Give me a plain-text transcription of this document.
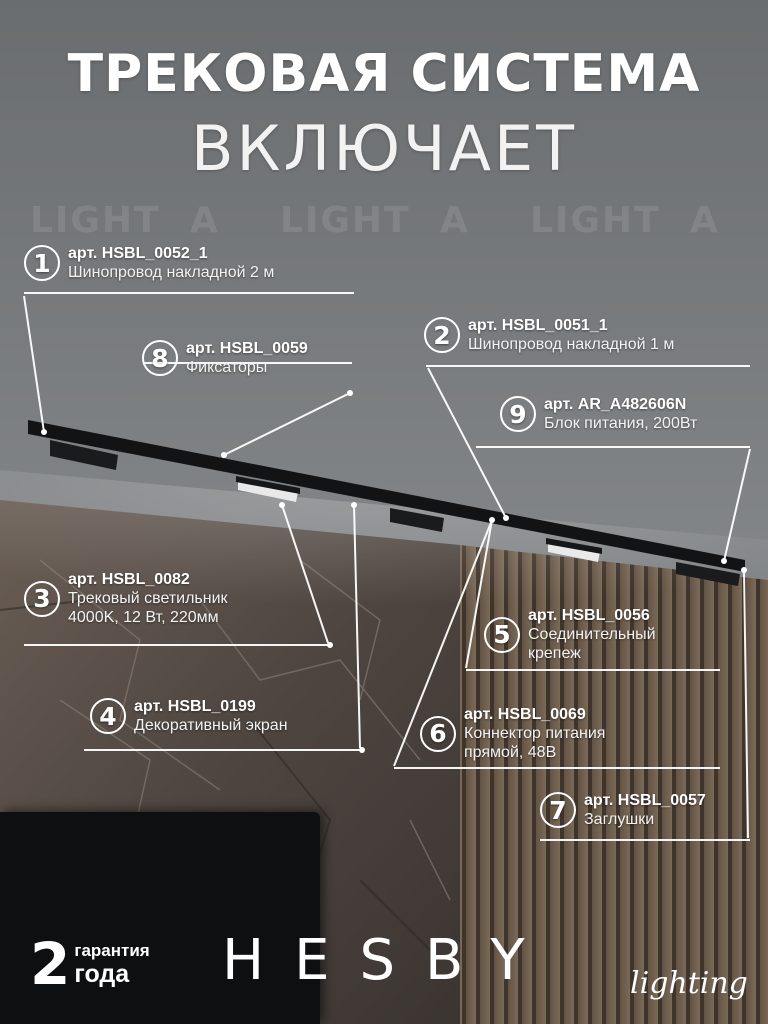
LIGHT A LIGHT A LIGHT A
ТРЕКОВАЯ СИСТЕМА
ВКЛЮЧАЕТ
1	арт. HSBL_0052_1
Шинопровод накладной 2 м
2	арт. HSBL_0051_1
Шинопровод накладной 1 м
8	арт. HSBL_0059
Фиксаторы
9	арт. AR_A482606N
Блок питания, 200Вт
3
арт. HSBL_0082
Трековый светильник
4000K, 12 Вт, 220мм
5
арт. HSBL_0056
Соединительный
крепеж
4	арт. HSBL_0199
Декоративный экран	6
арт. HSBL_0069
Коннектор питания
прямой, 48В
7	арт. HSBL_0057
Заглушки
2 гарантия
года	HESBY	lighting
